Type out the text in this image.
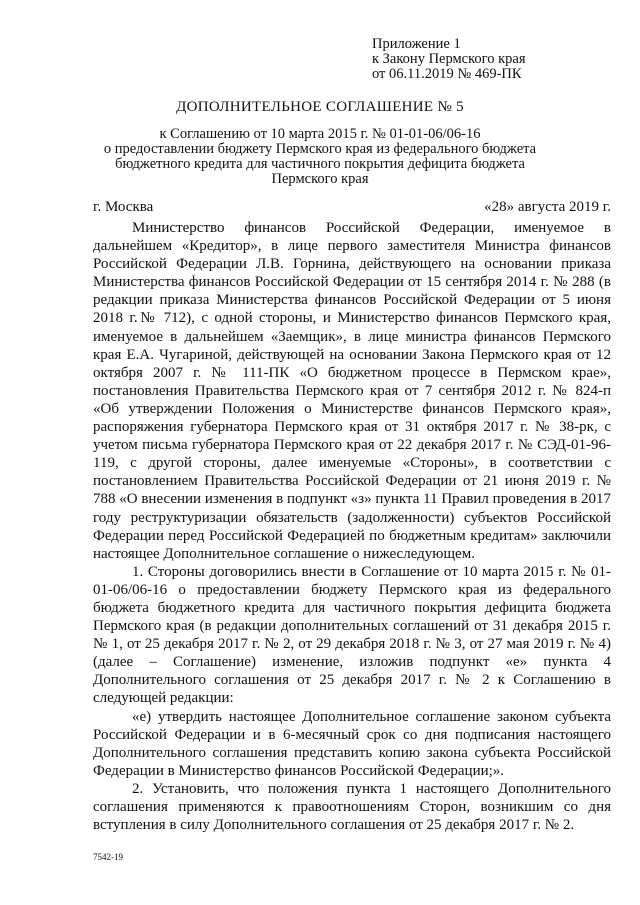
Приложение 1
к Закону Пермского края
от 06.11.2019 № 469-ПК
ДОПОЛНИТЕЛЬНОЕ СОГЛАШЕНИЕ № 5
к Соглашению от 10 марта 2015 г. № 01-01-06/06-16
о предоставлении бюджету Пермского края из федерального бюджета
бюджетного кредита для частичного покрытия дефицита бюджета
Пермского края
г. Москва	«28» августа 2019 г.

Министерство финансов Российской Федерации, именуемое в дальнейшем «Кредитор», в лице первого заместителя Министра финансов Российской Федерации Л.В. Горнина, действующего на основании приказа Министерства финансов Российской Федерации от 15 сентября 2014 г. № 288 (в редакции приказа Министерства финансов Российской Федерации от 5 июня 2018 г.№ 712), с одной стороны, и Министерство финансов Пермского края, именуемое в дальнейшем «Заемщик», в лице министра финансов Пермского края Е.А. Чугариной, действующей на основании Закона Пермского края от 12 октября 2007 г. № 111-ПК «О бюджетном процессе в Пермском крае», постановления Правительства Пермского края от 7 сентября 2012 г. № 824-п «Об утверждении Положения о Министерстве финансов Пермского края», распоряжения губернатора Пермского края от 31 октября 2017 г. № 38-рк, с учетом письма губернатора Пермского края от 22 декабря 2017 г. № СЭД-01-96-119, с другой стороны, далее именуемые «Стороны», в соответствии с постановлением Правительства Российской Федерации от 21 июня 2019 г. № 788 «О внесении изменения в подпункт «з» пункта 11 Правил проведения в 2017 году реструктуризации обязательств (задолженности) субъектов Российской Федерации перед Российской Федерацией по бюджетным кредитам» заключили настоящее Дополнительное соглашение о нижеследующем.

1. Стороны договорились внести в Соглашение от 10 марта 2015 г. № 01-01-06/06-16 о предоставлении бюджету Пермского края из федерального бюджета бюджетного кредита для частичного покрытия дефицита бюджета Пермского края (в редакции дополнительных соглашений от 31 декабря 2015 г. № 1, от 25 декабря 2017 г. № 2, от 29 декабря 2018 г. № 3, от 27 мая 2019 г. № 4) (далее – Соглашение) изменение, изложив подпункт «е» пункта 4 Дополнительного соглашения от 25 декабря 2017 г. № 2 к Соглашению в следующей редакции:

«е) утвердить настоящее Дополнительное соглашение законом субъекта Российской Федерации и в 6-месячный срок со дня подписания настоящего Дополнительного соглашения представить копию закона субъекта Российской Федерации в Министерство финансов Российской Федерации;».

2. Установить, что положения пункта 1 настоящего Дополнительного соглашения применяются к правоотношениям Сторон, возникшим со дня вступления в силу Дополнительного соглашения от 25 декабря 2017 г. № 2.

7542-19
